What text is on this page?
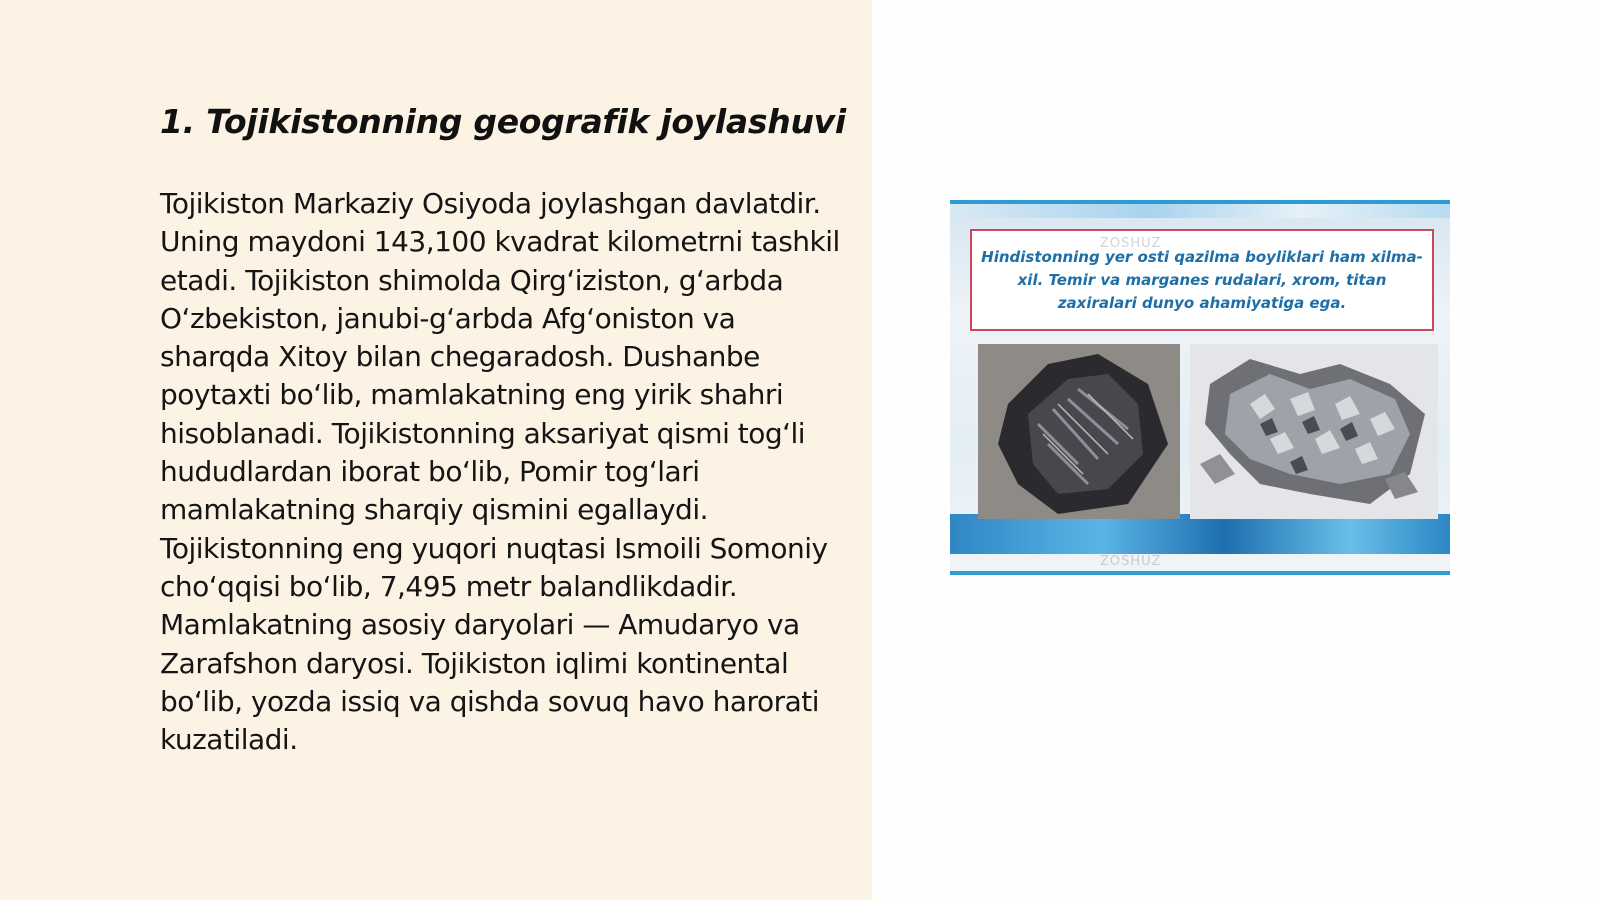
1. Tojikistonning geografik joylashuvi

Tojikiston Markaziy Osiyoda joylashgan davlatdir. Uning maydoni 143,100 kvadrat kilometrni tashkil etadi. Tojikiston shimolda Qirg‘iziston, g‘arbda O‘zbekiston, janubi-g‘arbda Afg‘oniston va sharqda Xitoy bilan chegaradosh. Dushanbe poytaxti bo‘lib, mamlakatning eng yirik shahri hisoblanadi. Tojikistonning aksariyat qismi tog‘li hududlardan iborat bo‘lib, Pomir tog‘lari mamlakatning sharqiy qismini egallaydi. Tojikistonning eng yuqori nuqtasi Ismoili Somoniy cho‘qqisi bo‘lib, 7,495 metr balandlikdadir. Mamlakatning asosiy daryolari — Amudaryo va Zarafshon daryosi. Tojikiston iqlimi kontinental bo‘lib, yozda issiq va qishda sovuq havo harorati kuzatiladi.

Hindistonning yer osti qazilma boyliklari ham xilma-xil. Temir va marganes rudalari, xrom, titan zaxiralari dunyo ahamiyatiga ega.
ZOSHUZ
ZOSHUZ
